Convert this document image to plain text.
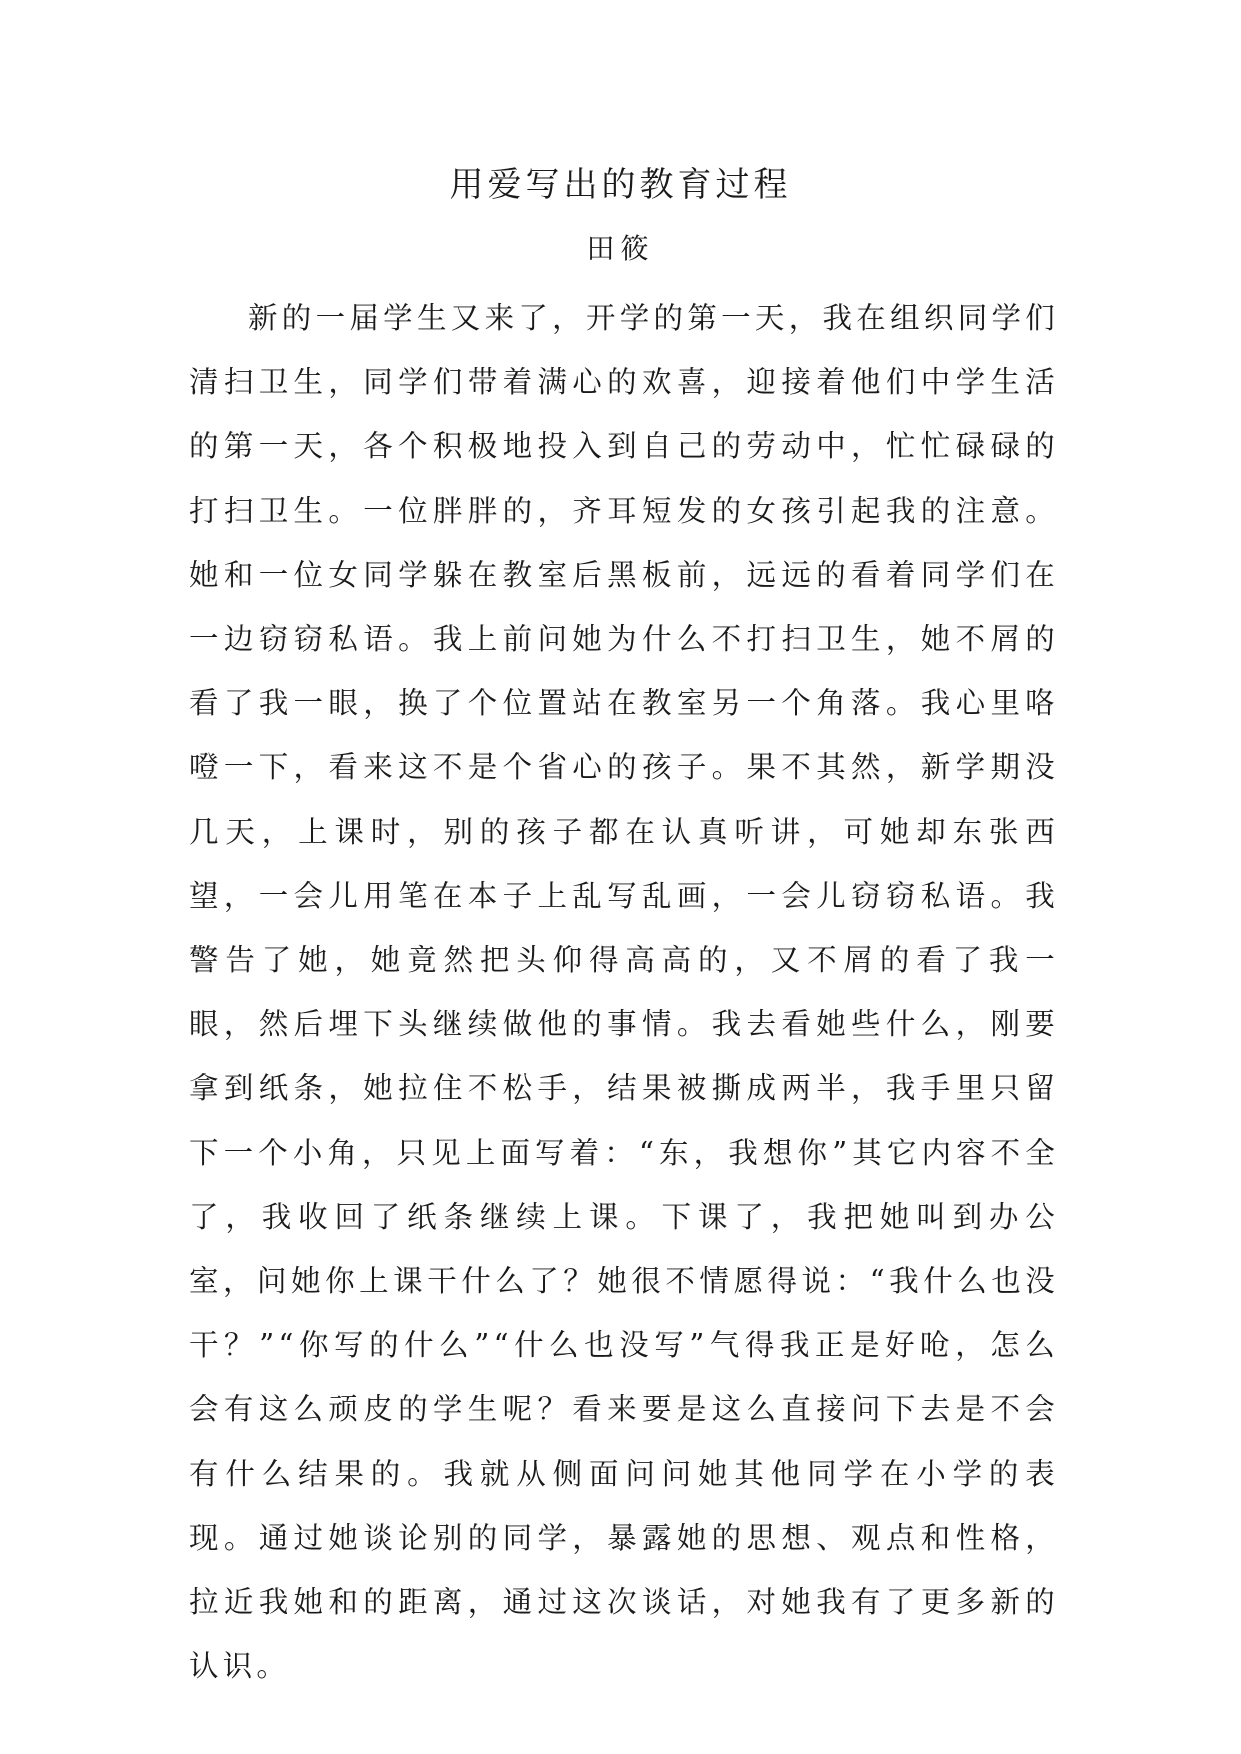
用爱写出的教育过程
田筱

新的一届学生又来了，开学的第一天，我在组织同学们清扫卫生，同学们带着满心的欢喜，迎接着他们中学生活的第一天，各个积极地投入到自己的劳动中，忙忙碌碌的打扫卫生。一位胖胖的，齐耳短发的女孩引起我的注意。她和一位女同学躲在教室后黑板前，远远的看着同学们在一边窃窃私语。我上前问她为什么不打扫卫生，她不屑的看了我一眼，换了个位置站在教室另一个角落。我心里咯噔一下，看来这不是个省心的孩子。果不其然，新学期没几天，上课时，别的孩子都在认真听讲，可她却东张西望，一会儿用笔在本子上乱写乱画，一会儿窃窃私语。我警告了她，她竟然把头仰得高高的，又不屑的看了我一眼，然后埋下头继续做他的事情。我去看她些什么，刚要拿到纸条，她拉住不松手，结果被撕成两半，我手里只留下一个小角，只见上面写着：“东，我想你”其它内容不全了，我收回了纸条继续上课。下课了，我把她叫到办公室，问她你上课干什么了？她很不情愿得说：“我什么也没干？”“你写的什么”“什么也没写”气得我正是好呛，怎么会有这么顽皮的学生呢？看来要是这么直接问下去是不会有什么结果的。我就从侧面问问她其他同学在小学的表现。通过她谈论别的同学，暴露她的思想、观点和性格，拉近我她和的距离，通过这次谈话，对她我有了更多新的认识。
